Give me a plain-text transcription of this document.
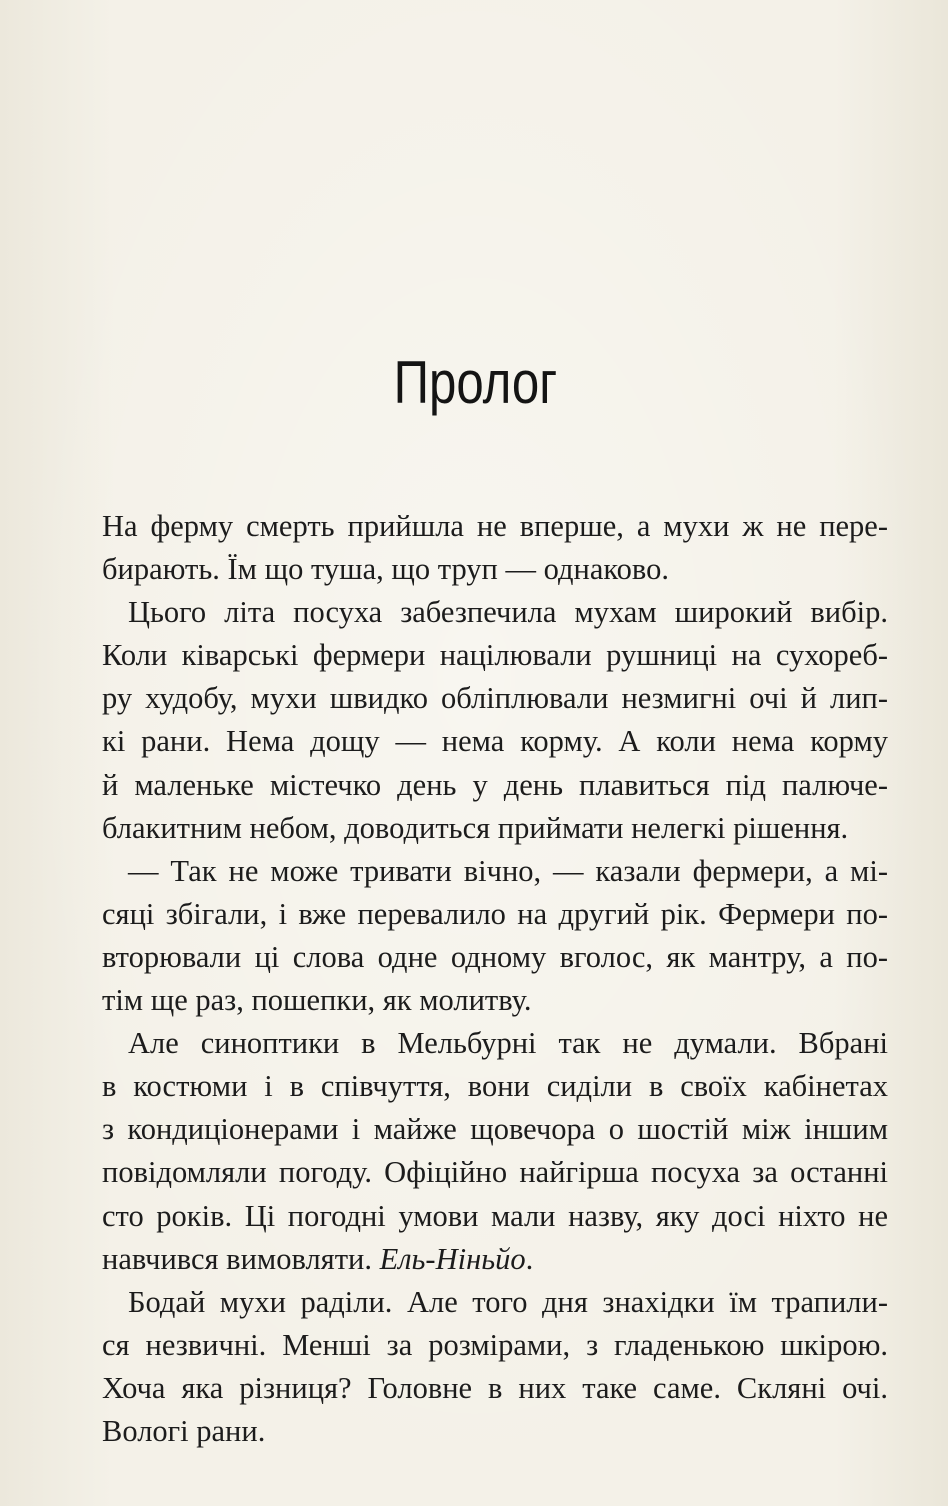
Пролог
На ферму смерть прийшла не вперше, а мухи ж не пере-
бирають. Їм що туша, що труп — однаково.
Цього літа посуха забезпечила мухам широкий вибір.
Коли ківарські фермери націлювали рушниці на сухореб-
ру худобу, мухи швидко обліплювали незмигні очі й лип-
кі рани. Нема дощу — нема корму. А коли нема корму
й маленьке містечко день у день плавиться під палюче-
блакитним небом, доводиться приймати нелегкі рішення.
— Так не може тривати вічно, — казали фермери, а мі-
сяці збігали, і вже перевалило на другий рік. Фермери по-
вторювали ці слова одне одному вголос, як мантру, а по-
тім ще раз, пошепки, як молитву.
Але синоптики в Мельбурні так не думали. Вбрані
в костюми і в співчуття, вони сиділи в своїх кабінетах
з кондиціонерами і майже щовечора о шостій між іншим
повідомляли погоду. Офіційно найгірша посуха за останні
сто років. Ці погодні умови мали назву, яку досі ніхто не
навчився вимовляти. Ель-Ніньйо.
Бодай мухи раділи. Але того дня знахідки їм трапили-
ся незвичні. Менші за розмірами, з гладенькою шкірою.
Хоча яка різниця? Головне в них таке саме. Скляні очі.
Вологі рани.
